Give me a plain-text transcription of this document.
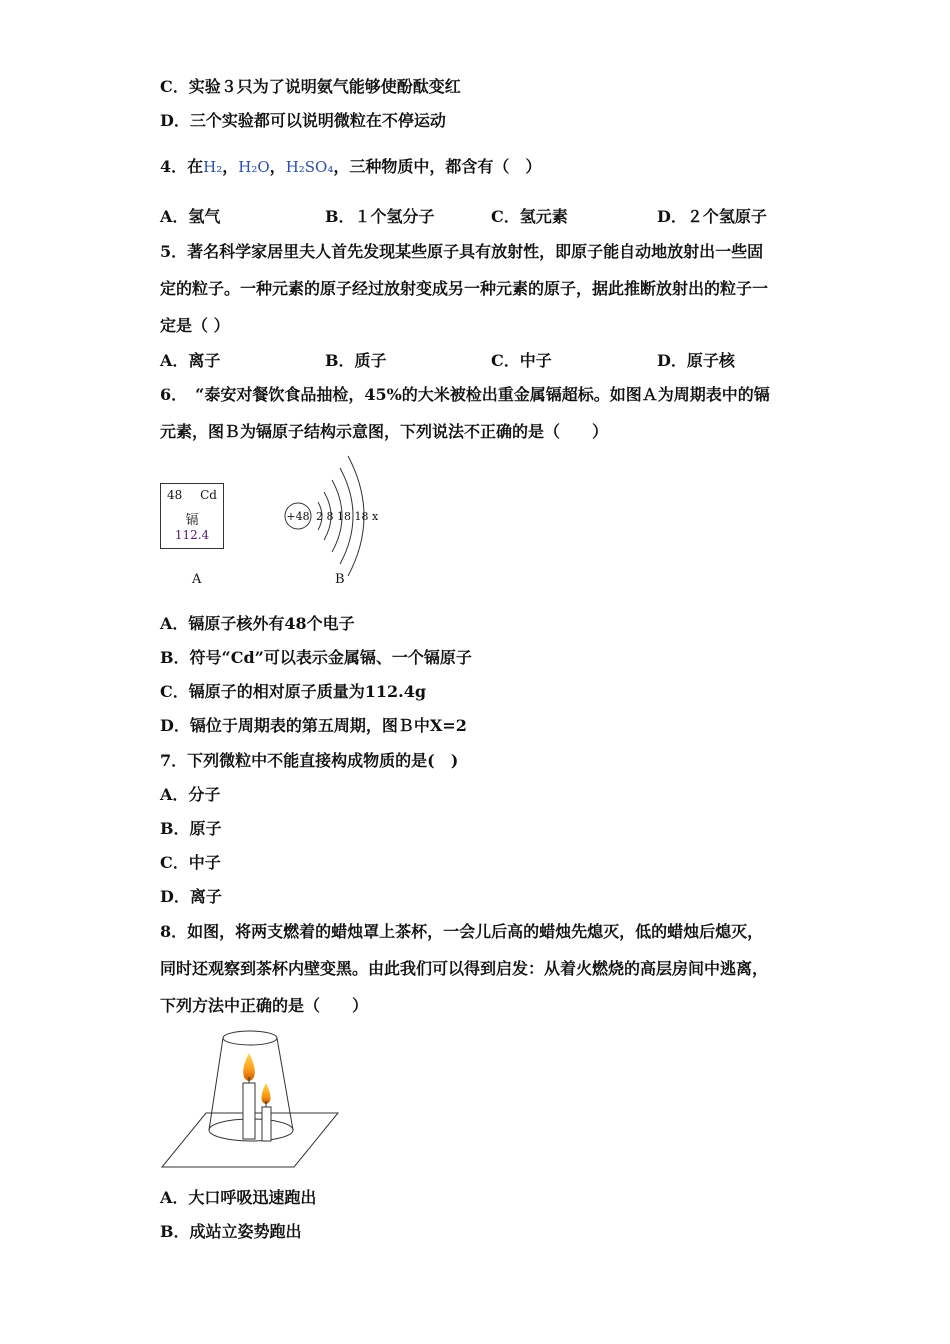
C．实验３只为了说明氨气能够使酚酞变红
D．三个实验都可以说明微粒在不停运动
4．在H₂，H₂O，H₂SO₄，三种物质中，都含有（　）
A．氢气	B．１个氢分子	C．氢元素	D．２个氢原子
5．著名科学家居里夫人首先发现某些原子具有放射性，即原子能自动地放射出一些固
定的粒子。一种元素的原子经过放射变成另一种元素的原子，据此推断放射出的粒子一
定是（ ）
A．离子	B．质子	C．中子	D．原子核
6．　“泰安对餐饮食品抽检，45%的大米被检出重金属镉超标。如图Ａ为周期表中的镉
元素，图Ｂ为镉原子结构示意图，下列说法不正确的是（　　）
48 Cd
镉
112.4
A
+48 2 8 18 18 x
B
A．镉原子核外有48个电子
B．符号“Cd”可以表示金属镉、一个镉原子
C．镉原子的相对原子质量为112.4g
D．镉位于周期表的第五周期，图Ｂ中X=2
7．下列微粒中不能直接构成物质的是(　)
A．分子
B．原子
C．中子
D．离子
8．如图，将两支燃着的蜡烛罩上茶杯，一会儿后高的蜡烛先熄灭，低的蜡烛后熄灭，
同时还观察到茶杯内壁变黑。由此我们可以得到启发：从着火燃烧的高层房间中逃离，
下列方法中正确的是（　　）
A．大口呼吸迅速跑出
B．成站立姿势跑出
